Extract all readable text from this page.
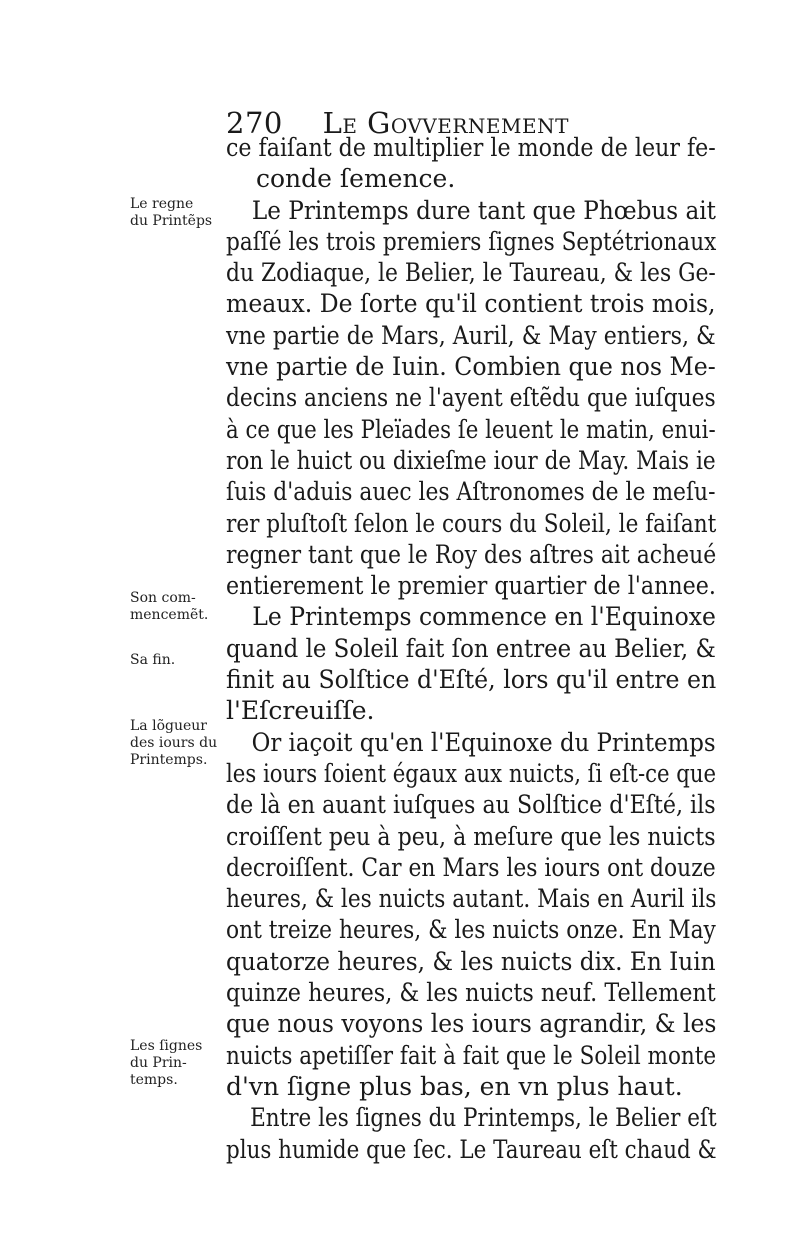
270 Le Govvernement
ce faiſant de multiplier le monde de leur fe-
conde ſemence.
Le Printemps dure tant que Phœbus ait
paſſé les trois premiers ſignes Septétrionaux
du Zodiaque, le Belier, le Taureau, & les Ge-
meaux. De ſorte qu'il contient trois mois,
vne partie de Mars, Auril, & May entiers, &
vne partie de Iuin. Combien que nos Me-
decins anciens ne l'ayent eſtẽdu que iuſques
à ce que les Pleïades ſe leuent le matin, enui-
ron le huict ou dixieſme iour de May. Mais ie
ſuis d'aduis auec les Aſtronomes de le meſu-
rer pluſtoſt ſelon le cours du Soleil, le faiſant
regner tant que le Roy des aſtres ait acheué
entierement le premier quartier de l'annee.
Le Printemps commence en l'Equinoxe
quand le Soleil fait ſon entree au Belier, &
finit au Solſtice d'Eſté, lors qu'il entre en
l'Eſcreuiſſe.
Or iaçoit qu'en l'Equinoxe du Printemps
les iours ſoient égaux aux nuicts, ſi eſt-ce que
de là en auant iuſques au Solſtice d'Eſté, ils
croiſſent peu à peu, à meſure que les nuicts
decroiſſent. Car en Mars les iours ont douze
heures, & les nuicts autant. Mais en Auril ils
ont treize heures, & les nuicts onze. En May
quatorze heures, & les nuicts dix. En Iuin
quinze heures, & les nuicts neuf. Tellement
que nous voyons les iours agrandir, & les
nuicts apetiſſer fait à fait que le Soleil monte
d'vn ſigne plus bas, en vn plus haut.
Entre les ſignes du Printemps, le Belier eſt
plus humide que ſec. Le Taureau eſt chaud &
Le regne
du Printẽps
Son com-
mencemẽt.
Sa fin.
La lõgueur
des iours du
Printemps.
Les ſignes
du Prin-
temps.
